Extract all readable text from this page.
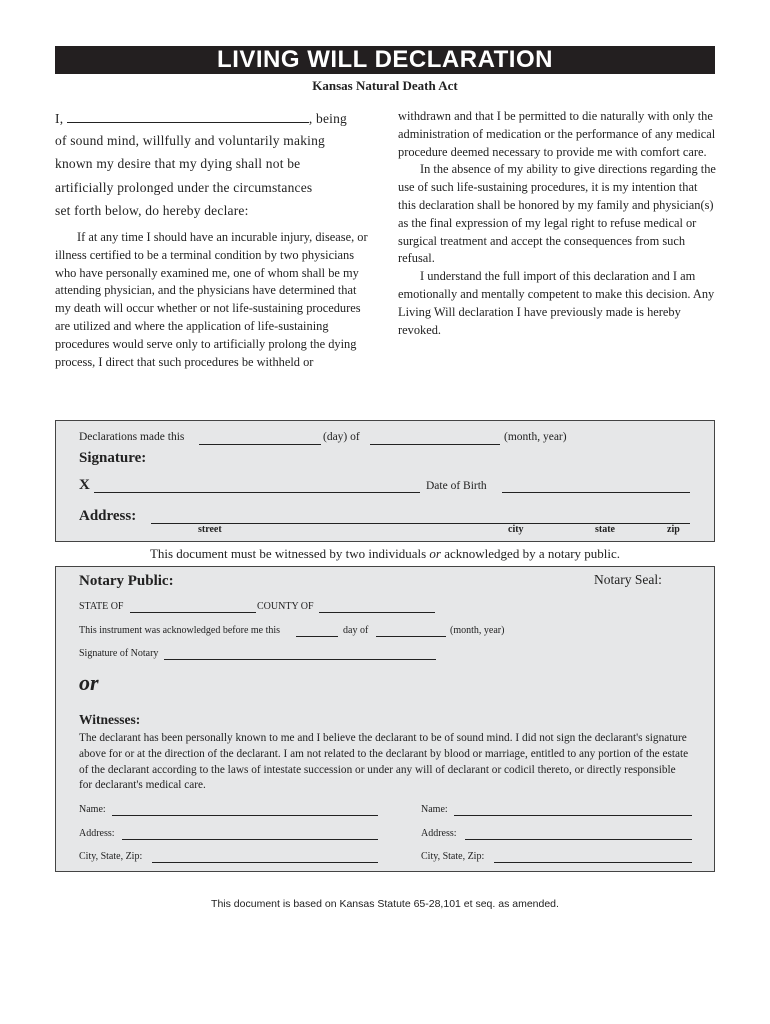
LIVING WILL DECLARATION
Kansas Natural Death Act
I,	, being
of sound mind, willfully and voluntarily making
known my desire that my dying shall not be
artificially prolonged under the circumstances
set forth below, do hereby declare:

If at any time I should have an incurable injury, disease, or illness certified to be a terminal condition by two physicians who have personally examined me, one of whom shall be my attending physician, and the physicians have determined that my death will occur whether or not life-sustaining procedures are utilized and where the application of life-sustaining procedures would serve only to artificially prolong the dying process, I direct that such procedures be withheld or

withdrawn and that I be permitted to die naturally with only the administration of medication or the performance of any medical procedure deemed necessary to provide me with comfort care.

In the absence of my ability to give directions regarding the use of such life-sustaining procedures, it is my intention that this declaration shall be honored by my family and physician(s) as the final expression of my legal right to refuse medical or surgical treatment and accept the consequences from such refusal.

I understand the full import of this declaration and I am emotionally and mentally competent to make this decision. Any Living Will declaration I have previously made is hereby revoked.

Declarations made this	(day) of	(month, year)
Signature:
X	Date of Birth
Address:
street	city	state	zip
This document must be witnessed by two individuals or acknowledged by a notary public.
Notary Public:	Notary Seal:
STATE OF	COUNTY OF
This instrument was acknowledged before me this	day of	(month, year)
Signature of Notary
or
Witnesses:
The declarant has been personally known to me and I believe the declarant to be of sound mind. I did not sign the declarant's signature above for or at the direction of the declarant. I am not related to the declarant by blood or marriage, entitled to any portion of the estate of the declarant according to the laws of intestate succession or under any will of declarant or codicil thereto, or directly responsible for declarant's medical care.
Name:
Address:
City, State, Zip:
Name:
Address:
City, State, Zip:
This document is based on Kansas Statute 65-28,101 et seq. as amended.
